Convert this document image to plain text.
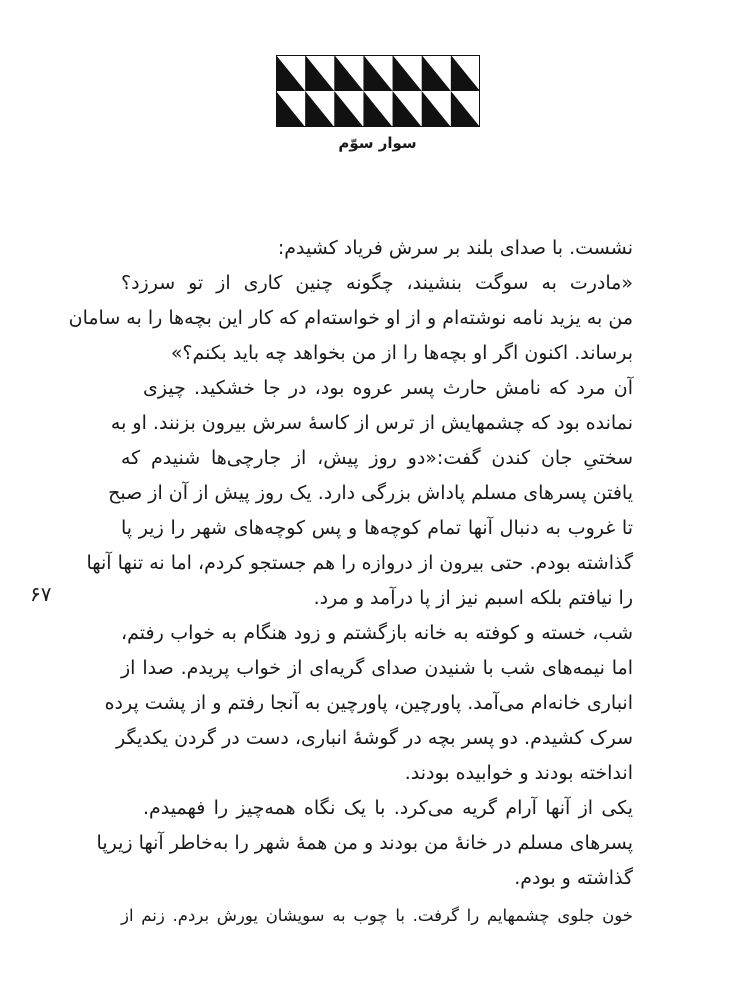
سوار سوّم
۶۷
نشست. با صدای بلند بر سرش فریاد کشیدم:
«مادرت به سوگت بنشیند، چگونه چنین کاری از تو سرزد؟
من به یزید نامه نوشته‌ام و از او خواسته‌ام که کار این بچه‌ها را به سامان
برساند. اکنون اگر او بچه‌ها را از من بخواهد چه باید بکنم؟»
آن مرد که نامش حارث پسر عروه بود، در جا خشکید. چیزی
نمانده بود که چشمهایش از ترس از کاسهٔ سرش بیرون بزنند. او به
سختیِ جان کندن گفت:«دو روز پیش، از جارچی‌ها شنیدم که
یافتن پسرهای مسلم پاداش بزرگی دارد. یک روز پیش از آن از صبح
تا غروب به دنبال آنها تمام کوچه‌ها و پس کوچه‌های شهر را زیر پا
گذاشته بودم. حتی بیرون از دروازه را هم جستجو کردم، اما نه تنها آنها
را نیافتم بلکه اسبم نیز از پا درآمد و مرد.
شب، خسته و کوفته به خانه بازگشتم و زود هنگام به خواب رفتم،
اما نیمه‌های شب با شنیدن صدای گریه‌ای از خواب پریدم. صدا از
انباری خانه‌ام می‌آمد. پاورچین، پاورچین به آنجا رفتم و از پشت پرده
سرک کشیدم. دو پسر بچه در گوشهٔ انباری، دست در گردن یکدیگر
انداخته بودند و خوابیده بودند.
یکی از آنها آرام گریه می‌کرد. با یک نگاه همه‌چیز را فهمیدم.
پسرهای مسلم در خانهٔ من بودند و من همهٔ شهر را به‌خاطر آنها زیرپا
گذاشته و بودم.
خون جلوی چشمهایم را گرفت. با چوب به سویشان یورش بردم. زنم از
